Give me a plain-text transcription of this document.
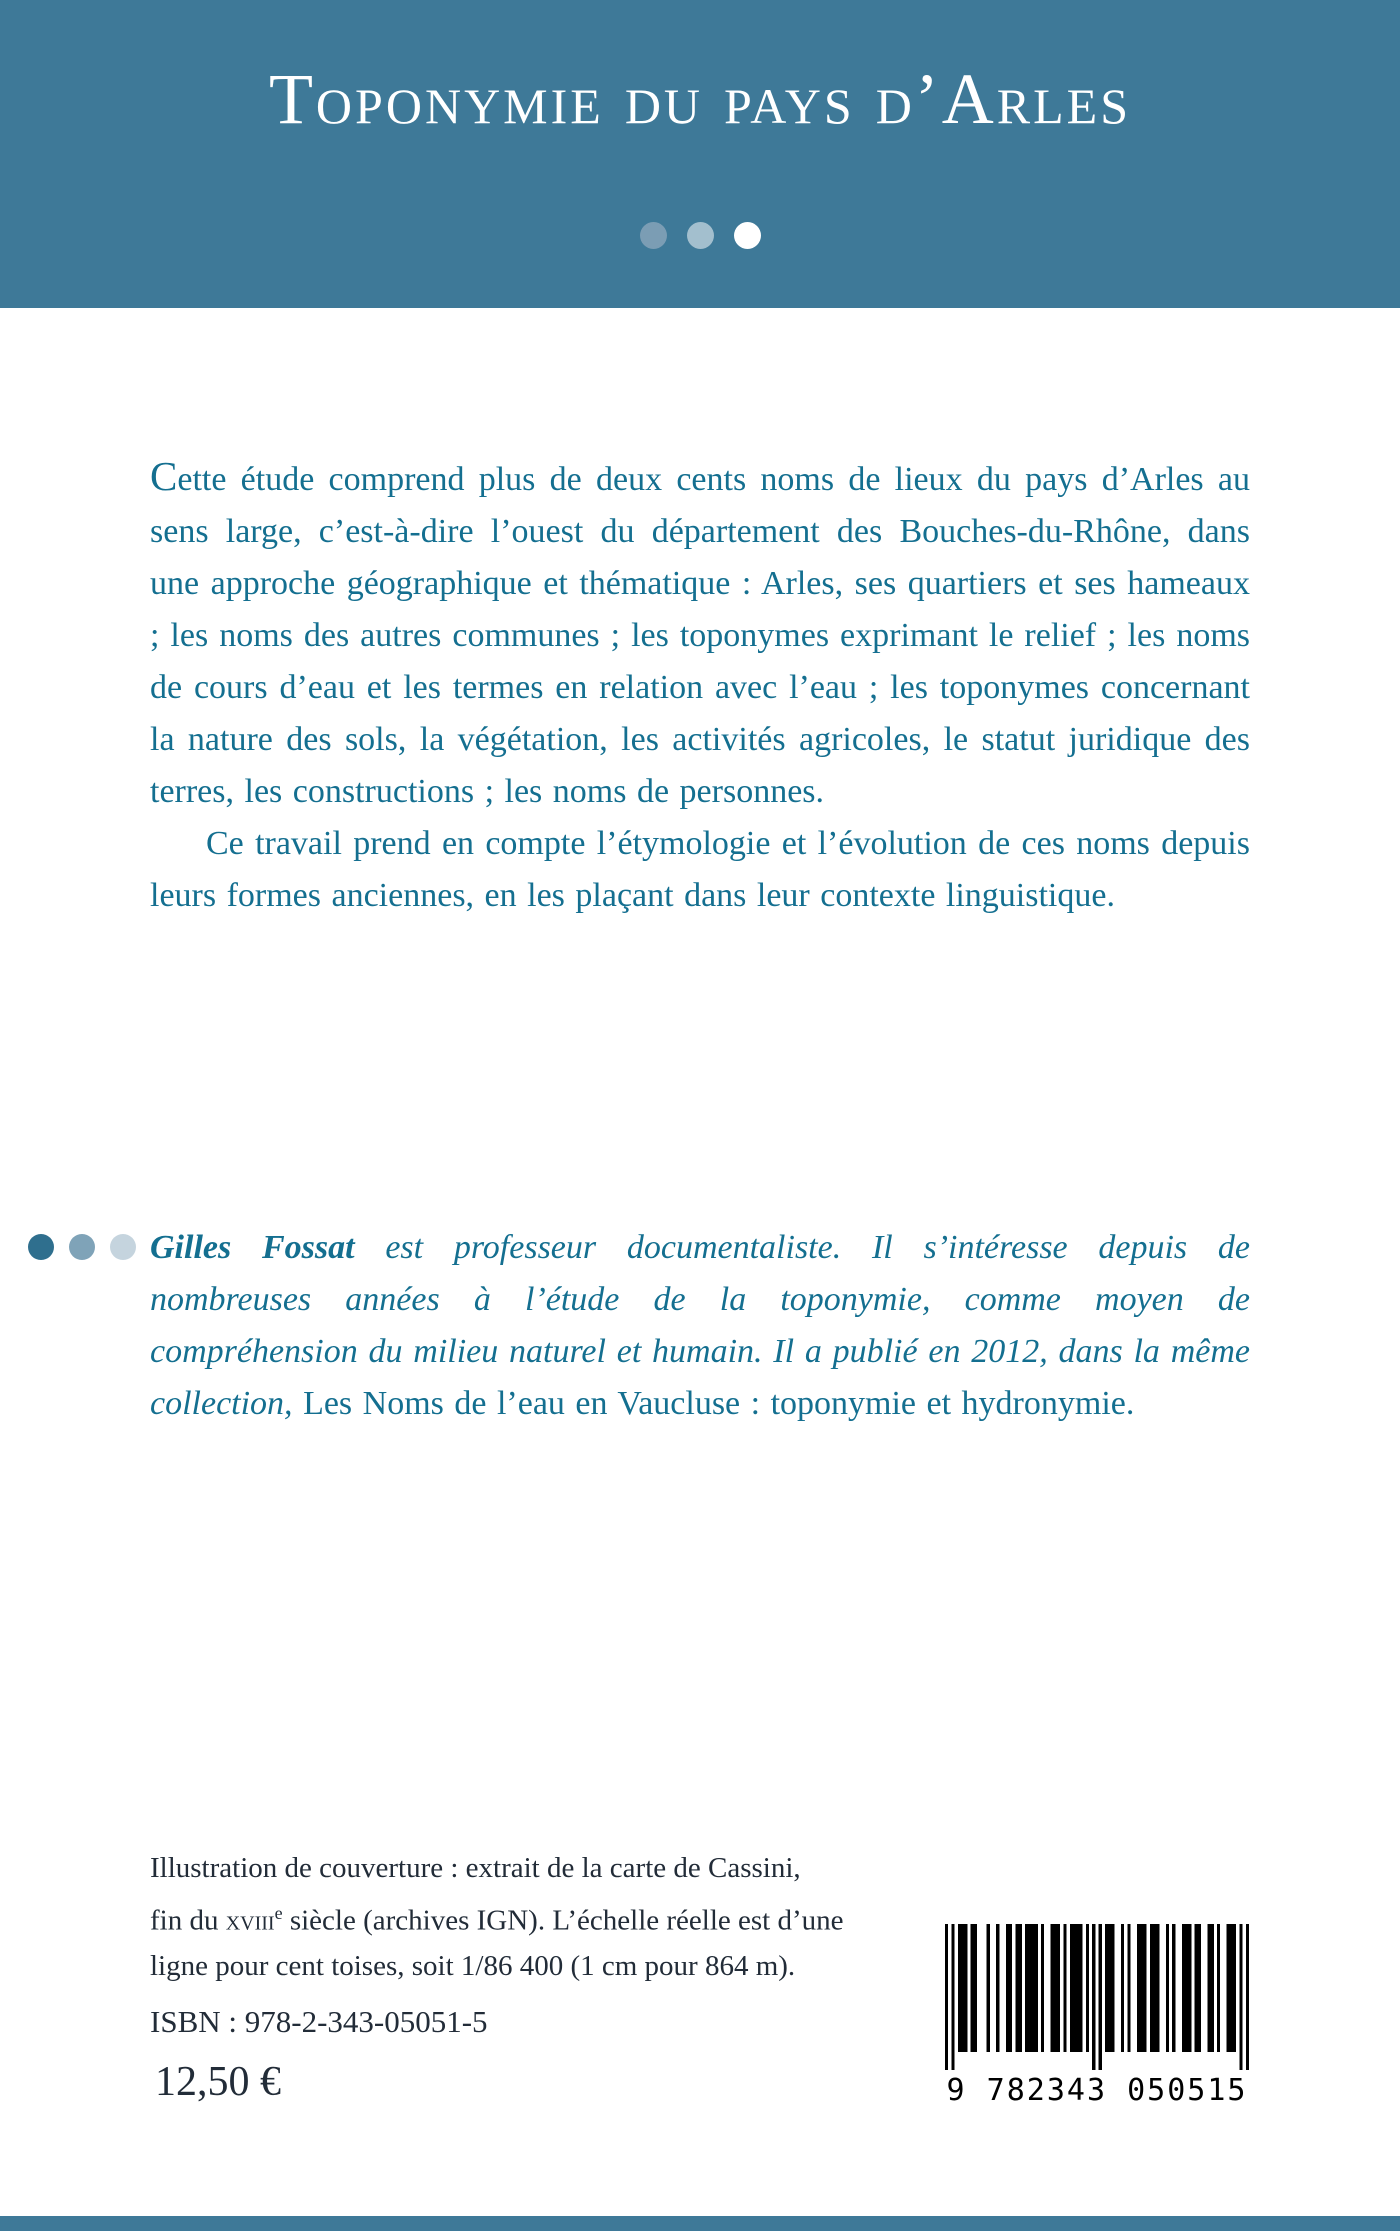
Toponymie du pays d’Arles

Cette étude comprend plus de deux cents noms de lieux du pays d’Arles au sens large, c’est-à-dire l’ouest du département des Bouches-du-Rhône, dans une approche géographique et thématique : Arles, ses quartiers et ses hameaux ; les noms des autres communes ; les toponymes exprimant le relief ; les noms de cours d’eau et les termes en relation avec l’eau ; les toponymes concernant la nature des sols, la végétation, les activités agricoles, le statut juridique des terres, les constructions ; les noms de personnes.

Ce travail prend en compte l’étymologie et l’évolution de ces noms depuis leurs formes anciennes, en les plaçant dans leur contexte linguistique.

Gilles Fossat est professeur documentaliste. Il s’intéresse depuis de nombreuses années à l’étude de la toponymie, comme moyen de compréhension du milieu naturel et humain. Il a publié en 2012, dans la même collection, Les Noms de l’eau en Vaucluse : toponymie et hydronymie.

Illustration de couverture : extrait de la carte de Cassini,
fin du xviii$^e$ siècle (archives IGN). L’échelle réelle est d’une
ligne pour cent toises, soit 1/86 400 (1 cm pour 864 m).
ISBN : 978-2-343-05051-5
12,50 €	9 782343 050515
